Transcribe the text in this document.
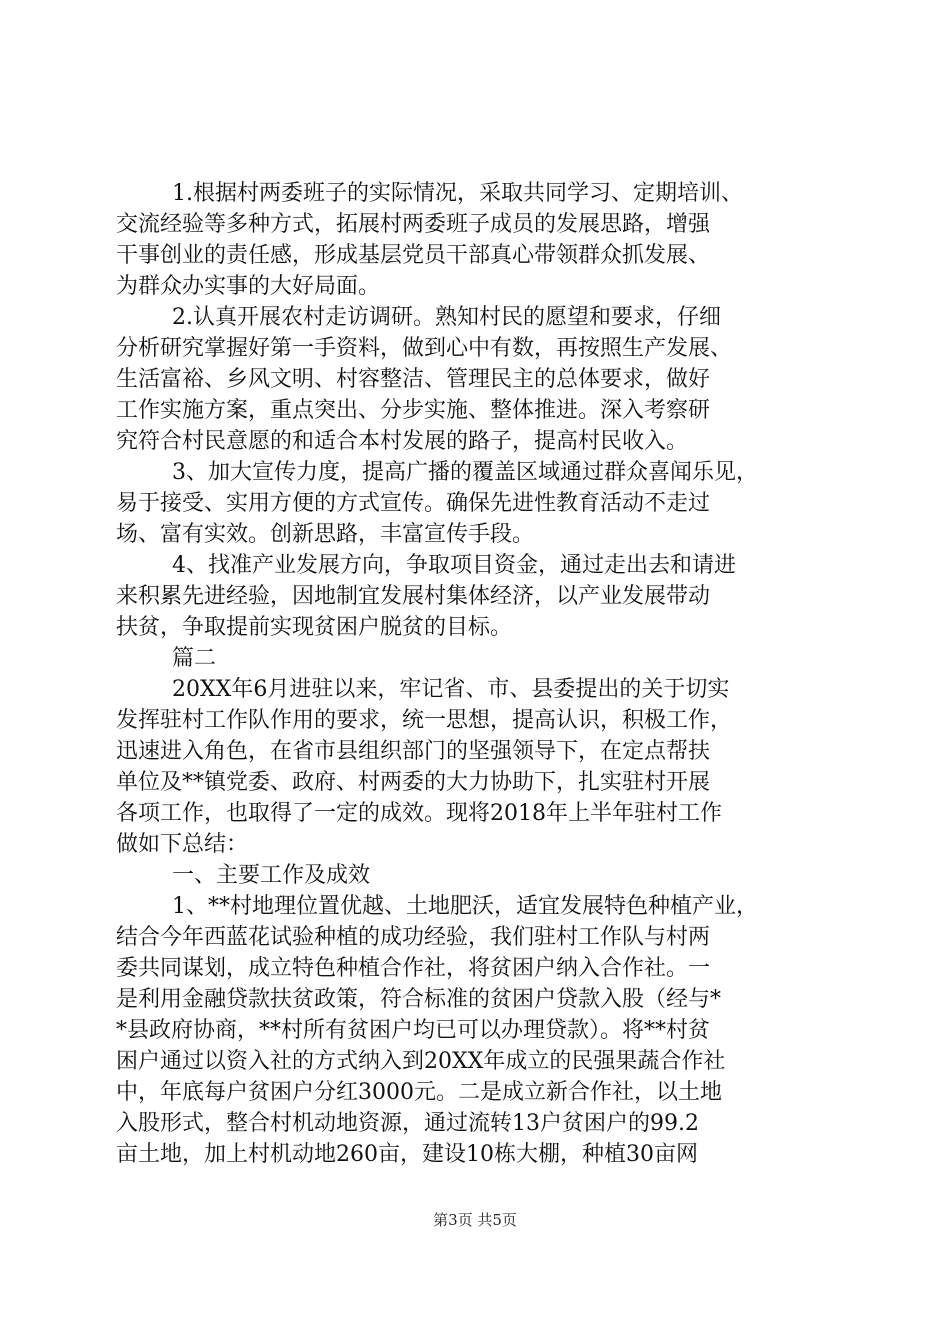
1.根据村两委班子的实际情况，采取共同学习、定期培训、
交流经验等多种方式，拓展村两委班子成员的发展思路，增强
干事创业的责任感，形成基层党员干部真心带领群众抓发展、
为群众办实事的大好局面。
2.认真开展农村走访调研。熟知村民的愿望和要求，仔细
分析研究掌握好第一手资料，做到心中有数，再按照生产发展、
生活富裕、乡风文明、村容整洁、管理民主的总体要求，做好
工作实施方案，重点突出、分步实施、整体推进。深入考察研
究符合村民意愿的和适合本村发展的路子，提高村民收入。
3、加大宣传力度，提高广播的覆盖区域通过群众喜闻乐见，
易于接受、实用方便的方式宣传。确保先进性教育活动不走过
场、富有实效。创新思路，丰富宣传手段。
4、找准产业发展方向，争取项目资金，通过走出去和请进
来积累先进经验，因地制宜发展村集体经济，以产业发展带动
扶贫，争取提前实现贫困户脱贫的目标。
篇二
20XX年6月进驻以来，牢记省、市、县委提出的关于切实
发挥驻村工作队作用的要求，统一思想，提高认识，积极工作，
迅速进入角色，在省市县组织部门的坚强领导下，在定点帮扶
单位及**镇党委、政府、村两委的大力协助下，扎实驻村开展
各项工作，也取得了一定的成效。现将2018年上半年驻村工作
做如下总结：
一、主要工作及成效
1、**村地理位置优越、土地肥沃，适宜发展特色种植产业，
结合今年西蓝花试验种植的成功经验，我们驻村工作队与村两
委共同谋划，成立特色种植合作社，将贫困户纳入合作社。一
是利用金融贷款扶贫政策，符合标准的贫困户贷款入股（经与*
*县政府协商，**村所有贫困户均已可以办理贷款）。将**村贫
困户通过以资入社的方式纳入到20XX年成立的民强果蔬合作社
中，年底每户贫困户分红3000元。二是成立新合作社，以土地
入股形式，整合村机动地资源，通过流转13户贫困户的99.2
亩土地，加上村机动地260亩，建设10栋大棚，种植30亩网
第3页 共5页
